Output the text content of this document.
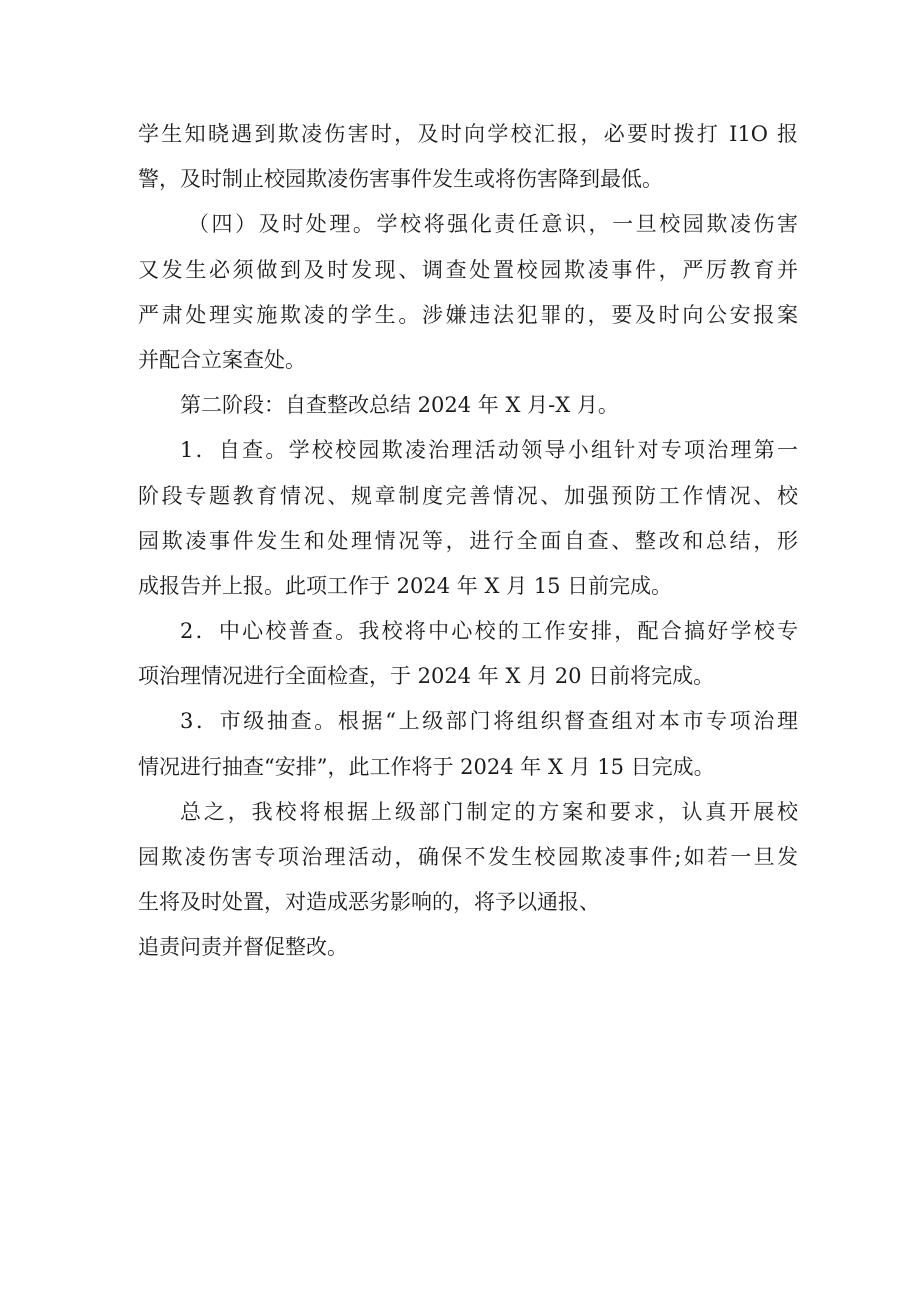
学生知晓遇到欺凌伤害时，及时向学校汇报，必要时拨打 I1O 报
警，及时制止校园欺凌伤害事件发生或将伤害降到最低。
（四）及时处理。学校将强化责任意识，一旦校园欺凌伤害
又发生必须做到及时发现、调查处置校园欺凌事件，严厉教育并
严肃处理实施欺凌的学生。涉嫌违法犯罪的，要及时向公安报案
并配合立案查处。
第二阶段：自查整改总结 2024 年 X 月-X 月。
1．自查。学校校园欺凌治理活动领导小组针对专项治理第一
阶段专题教育情况、规章制度完善情况、加强预防工作情况、校
园欺凌事件发生和处理情况等，进行全面自查、整改和总结，形
成报告并上报。此项工作于 2024 年 X 月 15 日前完成。
2．中心校普查。我校将中心校的工作安排，配合搞好学校专
项治理情况进行全面检查，于 2024 年 X 月 20 日前将完成。
3．市级抽查。根据“上级部门将组织督查组对本市专项治理
情况进行抽查“安排”，此工作将于 2024 年 X 月 15 日完成。
总之，我校将根据上级部门制定的方案和要求，认真开展校
园欺凌伤害专项治理活动，确保不发生校园欺凌事件;如若一旦发
生将及时处置，对造成恶劣影响的，将予以通报、
追责问责并督促整改。
